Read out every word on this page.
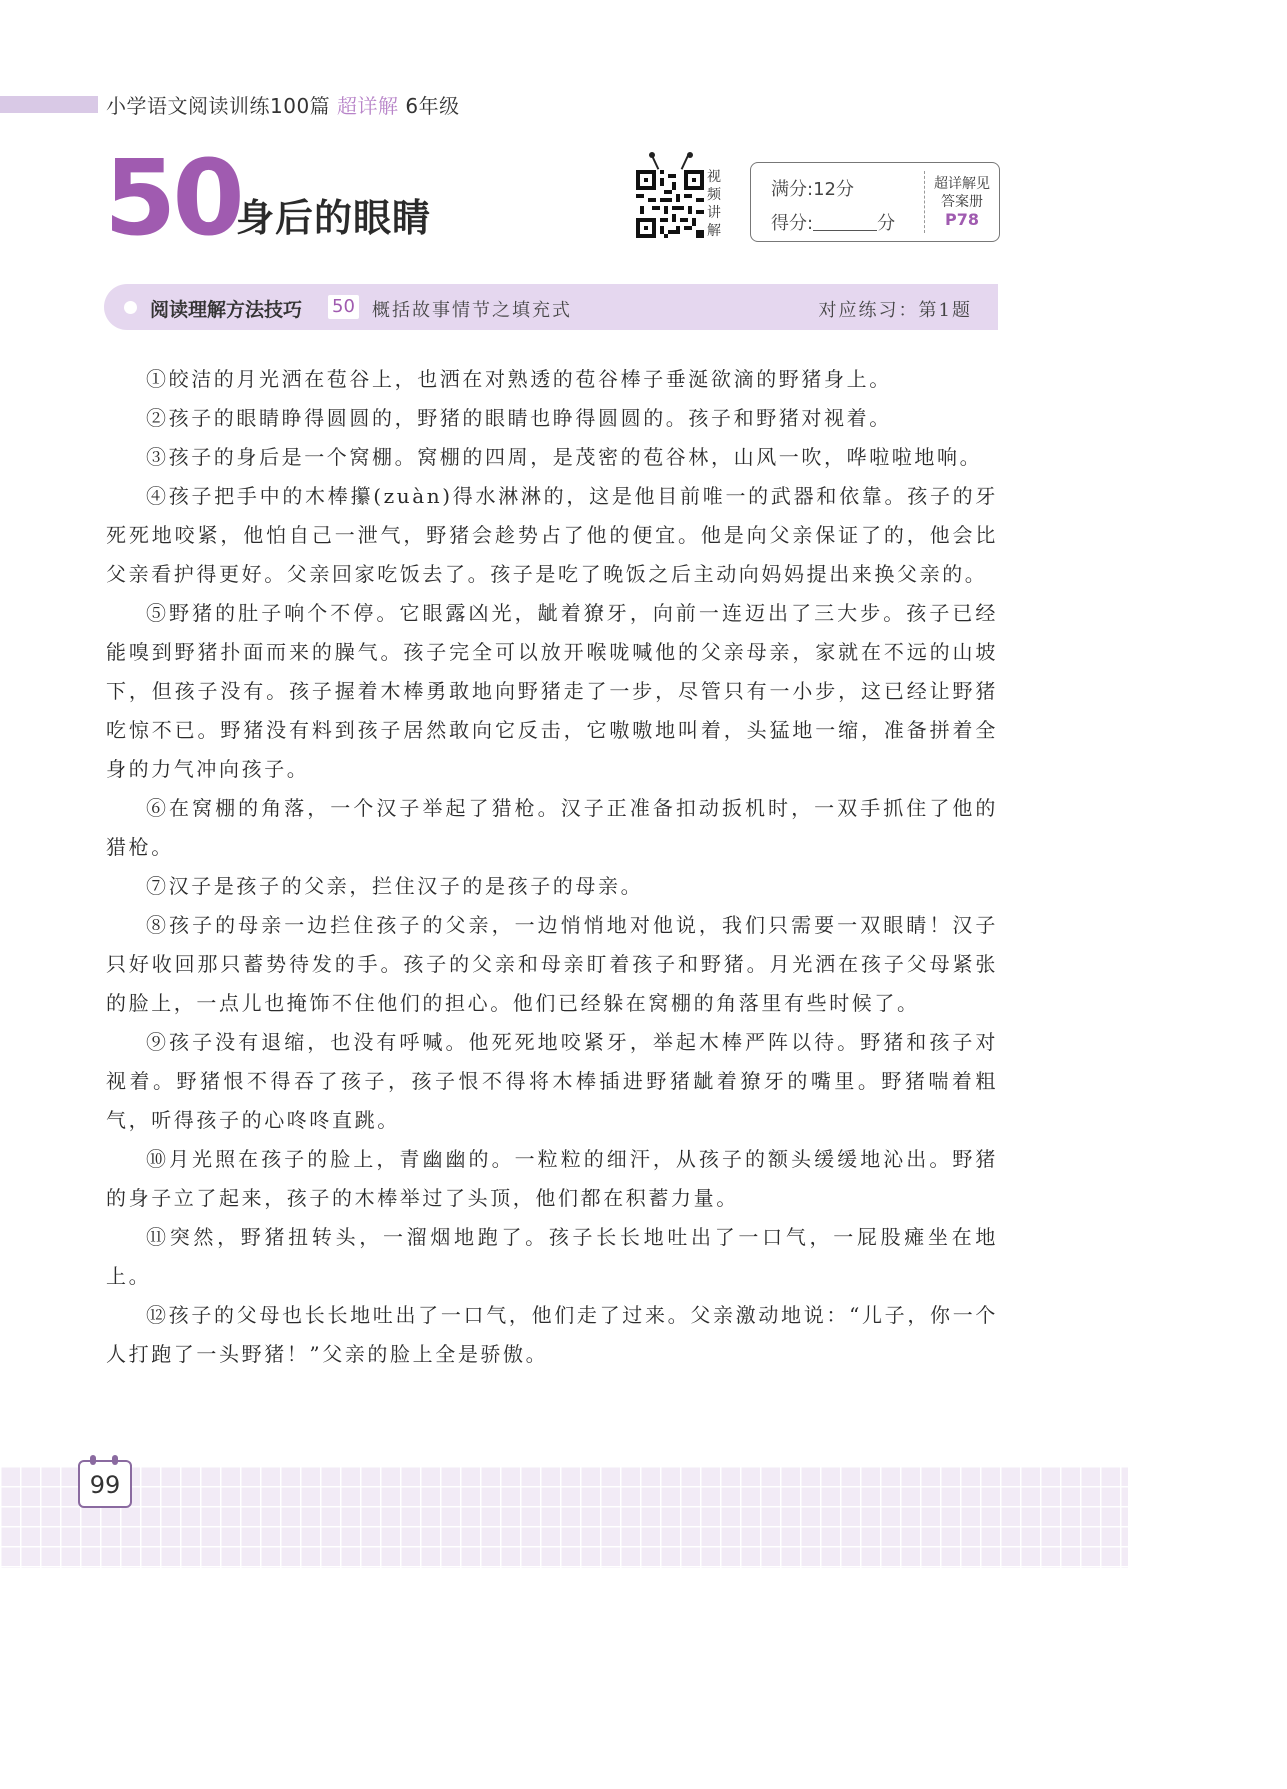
小学语文阅读训练100篇 超详解 6年级
50
身后的眼睛
视频讲解
满分:12分
得分:	分
超详解见
答案册
P78
阅读理解方法技巧 50 概括故事情节之填充式	对应练习：第1题

①皎洁的月光洒在苞谷上，也洒在对熟透的苞谷棒子垂涎欲滴的野猪身上。

②孩子的眼睛睁得圆圆的，野猪的眼睛也睁得圆圆的。孩子和野猪对视着。

③孩子的身后是一个窝棚。窝棚的四周，是茂密的苞谷林，山风一吹，哗啦啦地响。

④孩子把手中的木棒攥(zuàn)得水淋淋的，这是他目前唯一的武器和依靠。孩子的牙死死地咬紧，他怕自己一泄气，野猪会趁势占了他的便宜。他是向父亲保证了的，他会比父亲看护得更好。父亲回家吃饭去了。孩子是吃了晚饭之后主动向妈妈提出来换父亲的。

⑤野猪的肚子响个不停。它眼露凶光，龇着獠牙，向前一连迈出了三大步。孩子已经能嗅到野猪扑面而来的臊气。孩子完全可以放开喉咙喊他的父亲母亲，家就在不远的山坡下，但孩子没有。孩子握着木棒勇敢地向野猪走了一步，尽管只有一小步，这已经让野猪吃惊不已。野猪没有料到孩子居然敢向它反击，它嗷嗷地叫着，头猛地一缩，准备拼着全身的力气冲向孩子。

⑥在窝棚的角落，一个汉子举起了猎枪。汉子正准备扣动扳机时，一双手抓住了他的猎枪。

⑦汉子是孩子的父亲，拦住汉子的是孩子的母亲。

⑧孩子的母亲一边拦住孩子的父亲，一边悄悄地对他说，我们只需要一双眼睛！汉子只好收回那只蓄势待发的手。孩子的父亲和母亲盯着孩子和野猪。月光洒在孩子父母紧张的脸上，一点儿也掩饰不住他们的担心。他们已经躲在窝棚的角落里有些时候了。

⑨孩子没有退缩，也没有呼喊。他死死地咬紧牙，举起木棒严阵以待。野猪和孩子对视着。野猪恨不得吞了孩子，孩子恨不得将木棒插进野猪龇着獠牙的嘴里。野猪喘着粗气，听得孩子的心咚咚直跳。

⑩月光照在孩子的脸上，青幽幽的。一粒粒的细汗，从孩子的额头缓缓地沁出。野猪的身子立了起来，孩子的木棒举过了头顶，他们都在积蓄力量。

⑪突然，野猪扭转头，一溜烟地跑了。孩子长长地吐出了一口气，一屁股瘫坐在地上。

⑫孩子的父母也长长地吐出了一口气，他们走了过来。父亲激动地说：“儿子，你一个人打跑了一头野猪！”父亲的脸上全是骄傲。

99
